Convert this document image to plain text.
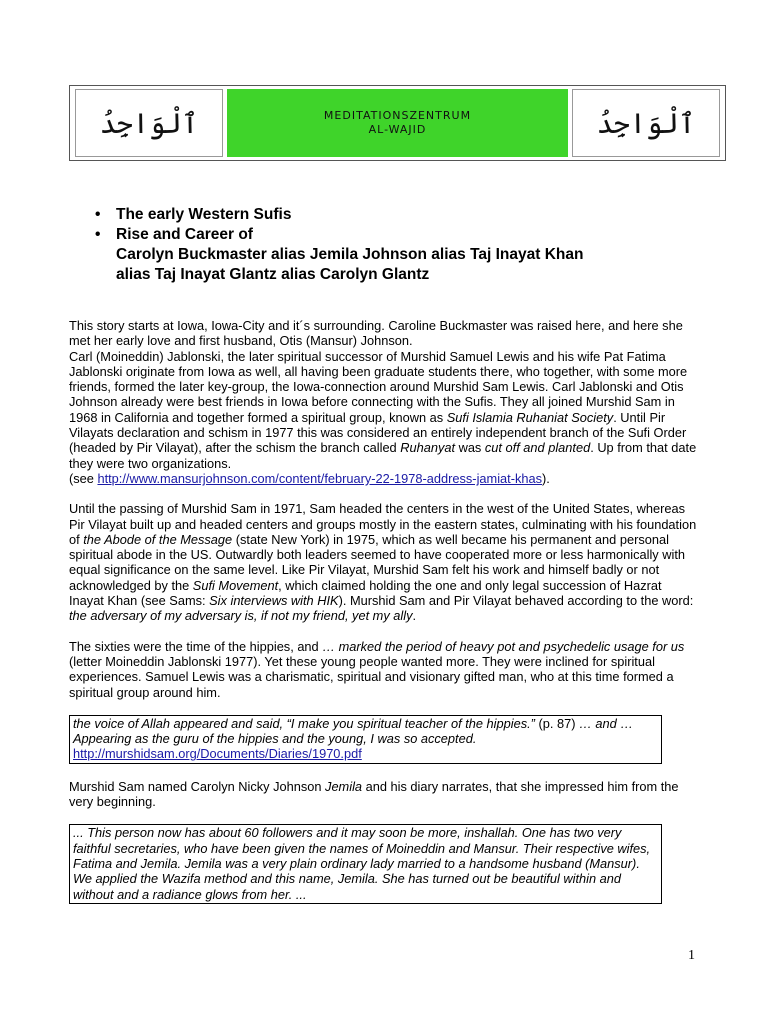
ٱلْوَاجِدُ	MEDITATIONSZENTRUM
AL-WAJID	ٱلْوَاجِدُ
•	The early Western Sufis
•	Rise and Career of
Carolyn Buckmaster alias Jemila Johnson alias Taj Inayat Khan
alias Taj Inayat Glantz alias Carolyn Glantz

This story starts at Iowa, Iowa-City and it´s surrounding. Caroline Buckmaster was raised here, and here she met her early love and first husband, Otis (Mansur) Johnson.
Carl (Moineddin) Jablonski, the later spiritual successor of Murshid Samuel Lewis and his wife Pat Fatima Jablonski originate from Iowa as well, all having been graduate students there, who together, with some more friends, formed the later key-group, the Iowa-connection around Murshid Sam Lewis. Carl Jablonski and Otis Johnson already were best friends in Iowa before connecting with the Sufis. They all joined Murshid Sam in 1968 in California and together formed a spiritual group, known as Sufi Islamia Ruhaniat Society. Until Pir Vilayats declaration and schism in 1977 this was considered an entirely independent branch of the Sufi Order (headed by Pir Vilayat), after the schism the branch called Ruhanyat was cut off and planted. Up from that date they were two organizations.
(see http://www.mansurjohnson.com/content/february-22-1978-address-jamiat-khas).

Until the passing of Murshid Sam in 1971, Sam headed the centers in the west of the United States, whereas Pir Vilayat built up and headed centers and groups mostly in the eastern states, culminating with his foundation of the Abode of the Message (state New York) in 1975, which as well became his permanent and personal spiritual abode in the US. Outwardly both leaders seemed to have cooperated more or less harmonically with equal significance on the same level. Like Pir Vilayat, Murshid Sam felt his work and himself badly or not acknowledged by the Sufi Movement, which claimed holding the one and only legal succession of Hazrat Inayat Khan (see Sams: Six interviews with HIK). Murshid Sam and Pir Vilayat behaved according to the word: the adversary of my adversary is, if not my friend, yet my ally.

The sixties were the time of the hippies, and … marked the period of heavy pot and psychedelic usage for us (letter Moineddin Jablonski 1977). Yet these young people wanted more. They were inclined for spiritual experiences. Samuel Lewis was a charismatic, spiritual and visionary gifted man, who at this time formed a spiritual group around him.

the voice of Allah appeared and said, “I make you spiritual teacher of the hippies.” (p. 87) … and …Appearing as the guru of the hippies and the young, I was so accepted.
http://murshidsam.org/Documents/Diaries/1970.pdf

Murshid Sam named Carolyn Nicky Johnson Jemila and his diary narrates, that she impressed him from the very beginning.

... This person now has about 60 followers and it may soon be more, inshallah. One has two very faithful secretaries, who have been given the names of Moineddin and Mansur. Their respective wifes, Fatima and Jemila. Jemila was a very plain ordinary lady married to a handsome husband (Mansur). We applied the Wazifa method and this name, Jemila. She has turned out be beautiful within and without and a radiance glows from her. ...
1
